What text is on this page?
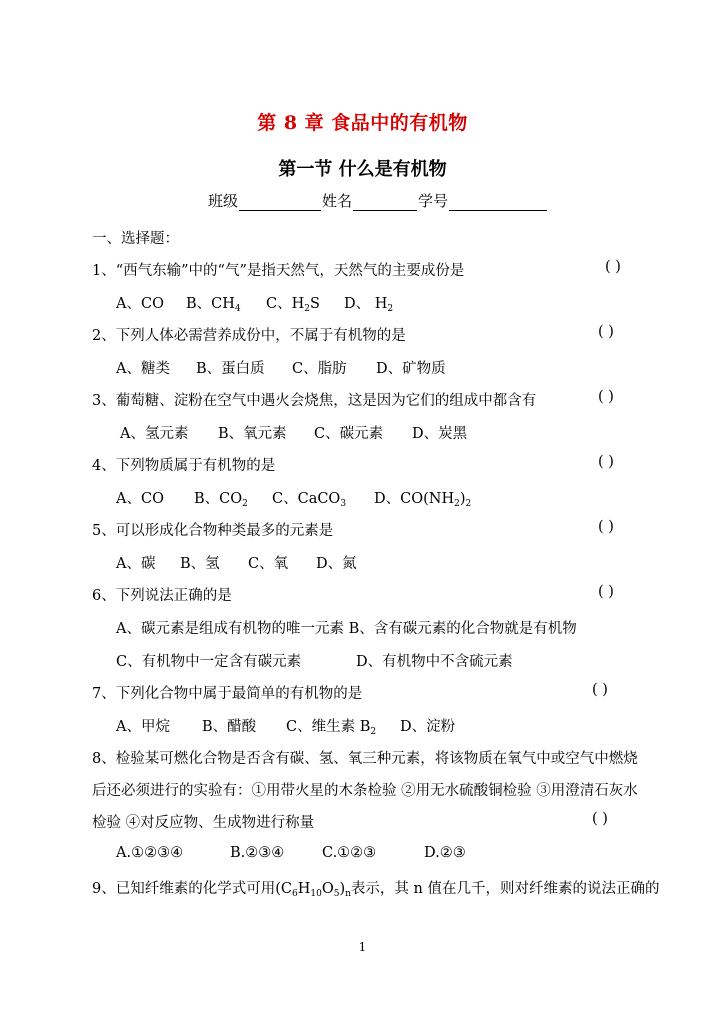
第 8 章 食品中的有机物
第一节 什么是有机物
班级	姓名	学号
一、选择题：
1、“西气东输”中的“气”是指天然气，天然气的主要成份是	( )
A、CO B、$CH_4$ C、$H_2S$ D、 $H_2$
2、下列人体必需营养成份中，不属于有机物的是	( )
A、糖类 B、蛋白质 C、脂肪 D、矿物质
3、葡萄糖、淀粉在空气中遇火会烧焦，这是因为它们的组成中都含有	( )
A、氢元素 B、氧元素 C、碳元素 D、炭黑
4、下列物质属于有机物的是	( )
A、CO B、$CO_2$ C、CaCO$_3$ D、$CO(NH_2)_2$
5、可以形成化合物种类最多的元素是	( )
A、碳 B、氢 C、氧 D、氮
6、下列说法正确的是	( )
A、碳元素是组成有机物的唯一元素 B、含有碳元素的化合物就是有机物
C、有机物中一定含有碳元素	D、有机物中不含硫元素
7、下列化合物中属于最简单的有机物的是	( )
A、甲烷 B、醋酸 C、维生素 $B_2$ D、淀粉
8、检验某可燃化合物是否含有碳、氢、氧三种元素，将该物质在氧气中或空气中燃烧
后还必须进行的实验有：①用带火星的木条检验 ②用无水硫酸铜检验 ③用澄清石灰水
检验 ④对反应物、生成物进行称量	( )
A.①②③④	B.②③④	C.①②③	D.②③
9、已知纤维素的化学式可用$(C_6H_{10}O_5)_n$表示，其 n 值在几千，则对纤维素的说法正确的
1
